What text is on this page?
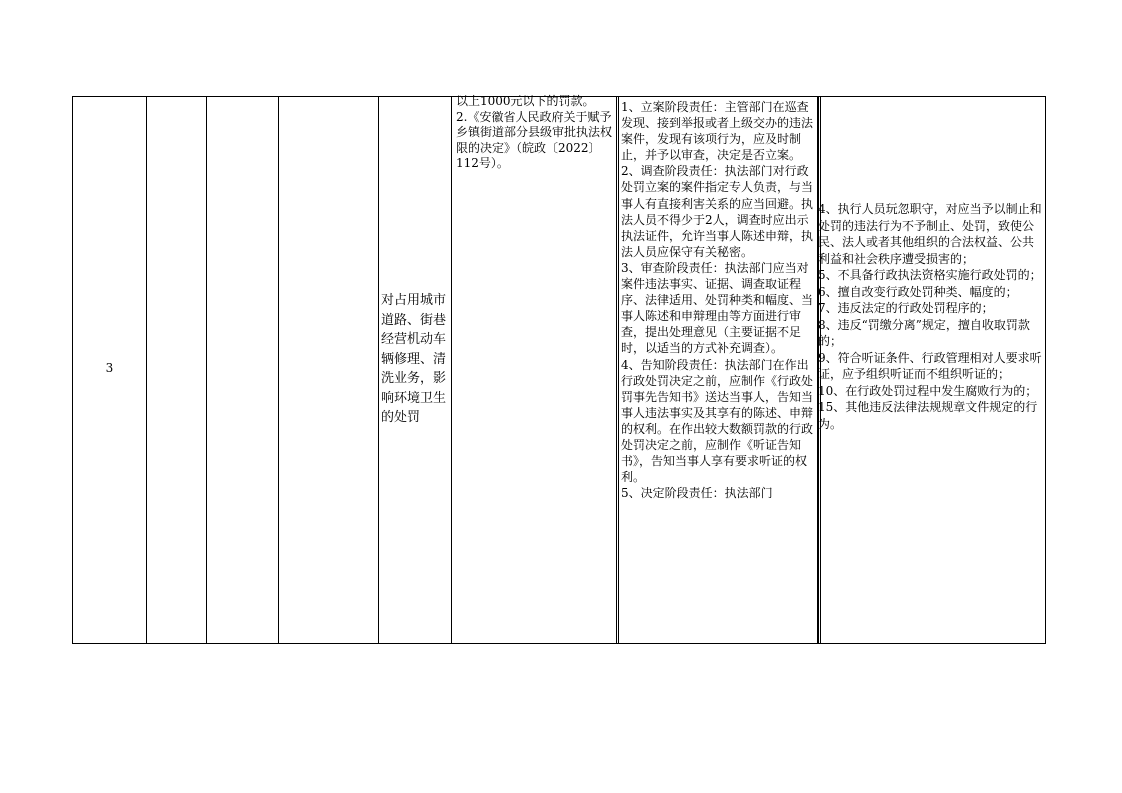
3
对占用城市道路、街巷经营机动车辆修理、清洗业务，影响环境卫生的处罚
以上1000元以下的罚款。
2.《安徽省人民政府关于赋予乡镇街道部分县级审批执法权限的决定》（皖政〔2022〕112号）。
1、立案阶段责任：主管部门在巡查发现、接到举报或者上级交办的违法案件，发现有该项行为，应及时制止，并予以审查，决定是否立案。
2、调查阶段责任：执法部门对行政处罚立案的案件指定专人负责，与当事人有直接利害关系的应当回避。执法人员不得少于2人，调查时应出示执法证件，允许当事人陈述申辩，执法人员应保守有关秘密。
3、审查阶段责任：执法部门应当对案件违法事实、证据、调查取证程序、法律适用、处罚种类和幅度、当事人陈述和申辩理由等方面进行审查，提出处理意见（主要证据不足时，以适当的方式补充调查）。
4、告知阶段责任：执法部门在作出行政处罚决定之前，应制作《行政处罚事先告知书》送达当事人，告知当事人违法事实及其享有的陈述、申辩的权利。在作出较大数额罚款的行政处罚决定之前，应制作《听证告知书》，告知当事人享有要求听证的权利。
5、决定阶段责任：执法部门
4、执行人员玩忽职守，对应当予以制止和处罚的违法行为不予制止、处罚，致使公民、法人或者其他组织的合法权益、公共利益和社会秩序遭受损害的；
5、不具备行政执法资格实施行政处罚的；
6、擅自改变行政处罚种类、幅度的；
7、违反法定的行政处罚程序的；
8、违反“罚缴分离”规定，擅自收取罚款的；
9、符合听证条件、行政管理相对人要求听证，应予组织听证而不组织听证的；
10、在行政处罚过程中发生腐败行为的；
15、其他违反法律法规规章文件规定的行为。
